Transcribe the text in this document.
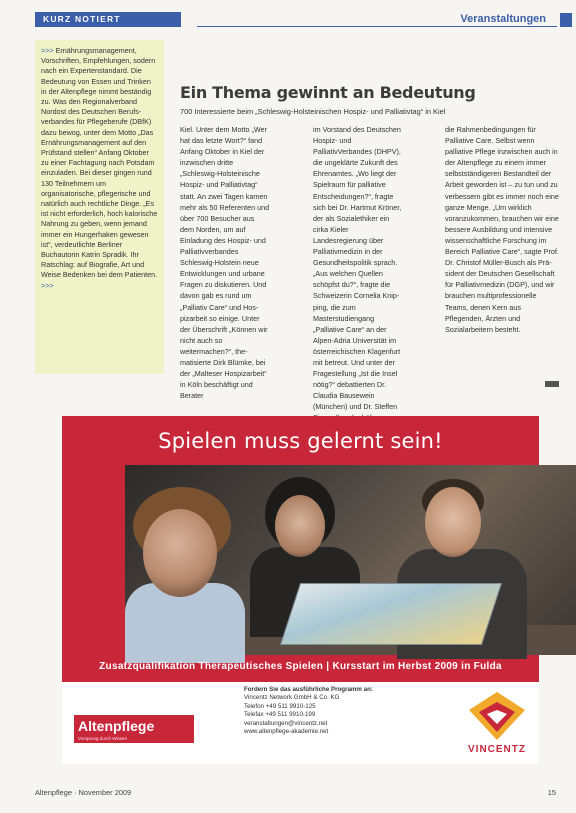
KURZ NOTIERT	Veranstaltungen
>>> Ernährungsmanagement, Vorschriften, Empfehlungen, sodern nach ein Expertenstandard. Die Bedeutung von Essen und Trinken in der Altenpflege nimmt beständig zu. Was den Regionalverband Nordost des Deutschen Berufsverbandes für Pflegeberufe (DBfK) dazu bewog, unter dem Motto „Das Ernährungsmanagement auf den Prüfstand stellen“ Anfang Oktober zu einer Fachtagung nach Potsdam einzuladen. Bei dieser gingen rund 130 Teilnehmern um organisatorische, pflegerische und natürlich auch rechtliche Dinge. „Es ist nicht erforderlich, hoch kalorische Nahrung zu geben, wenn jemand immer ein Hungerhaken gewesen ist“, verdeutlichte Berliner Buchautorin Katrin Spradik. Ihr Ratschlag: auf Biografie, Art und Weise Bedenken bei dem Patienten. >>>
Ein Thema gewinnt an Bedeutung
700 Interessierte beim „Schleswig-Holsteinischen Hospiz- und Palliativtag“ in Kiel
Kiel. Unter dem Motto „Wer hat das letzte Wort?“ fand Anfang Oktober in Kiel der inzwischen dritte „Schleswig-Holsteinische Hospiz- und Palliativtag“ statt. An zwei Tagen kamen mehr als 50 Referenten und über 700 Besucher aus dem Norden, um auf Einladung des Hospiz- und Palliativverbandes Schleswig-Holstein neue Entwicklungen und urbane Fragen zu diskutieren. Und davon gab es rund um „Palliativ Care“ und Hospizarbeit so einige. Unter der Überschrift „Können wir nicht auch so weitermachen?“, thematisierte Dirk Blümke, bei der „Malteser Hospizarbeit“ in Köln beschäftigt und Berater
im Vorstand des Deutschen Hospiz- und PalliativVerbandes (DHPV), die ungeklärte Zukunft des Ehrenamtes. „Wo liegt der Spielraum für palliative Entscheidungen?“, fragte sich bei Dr. Hartmut Kröner, der als Sozialethiker ein cirka Kieler Landesregierung über Palliativmedizin in der Gesundheitspolitik sprach. „Aus welchen Quellen schöpfst du?“, fragte die Schweizerin Cornelia Knipping, die zum Masterstudiengang „Palliative Care“ an der Alpen-Adria Universität im österreichischen Klagenfurt mit betreut. Und unter der Fragestellung „Ist die Insel nötig?“ debattierten Dr. Claudia Bausewein (München) und Dr. Steffen
die Rahmenbedingungen für Palliative Care. Selbst wenn palliative Pflege inzwischen auch in der Altenpflege zu einem immer selbstständigeren Bestandteil der Arbeit geworden ist – zu tun und zu verbessern gibt es immer noch eine ganze Menge. „Um wirklich voranzukommen, brauchen wir eine bessere Ausbildung und intensive wissenschaftliche Forschung im Bereich Palliative Care“, sagte Prof. Dr. Christof Müller-Busch als Präsident der Deutschen Gesellschaft für Palliativmedizin (DGP), und wir brauchen multiprofessionelle Teams, denen Kern aus Pflegenden, Ärzten und Sozialarbeitern besteht.
Spielen muss gelernt sein!
Zusatzqualifikation Therapeutisches Spielen | Kursstart im Herbst 2009 in Fulda
Altenpflege
Vorsprung durch Wissen
Fordern Sie das ausführliche Programm an:
Vincentz Network GmbH & Co. KG
Telefon +49 511 9910-125
Telefax +49 511 9910-199
veranstaltungen@vincentz.net
www.altenpflege-akademie.net
VINCENTZ
Altenpflege · November 2009	15
